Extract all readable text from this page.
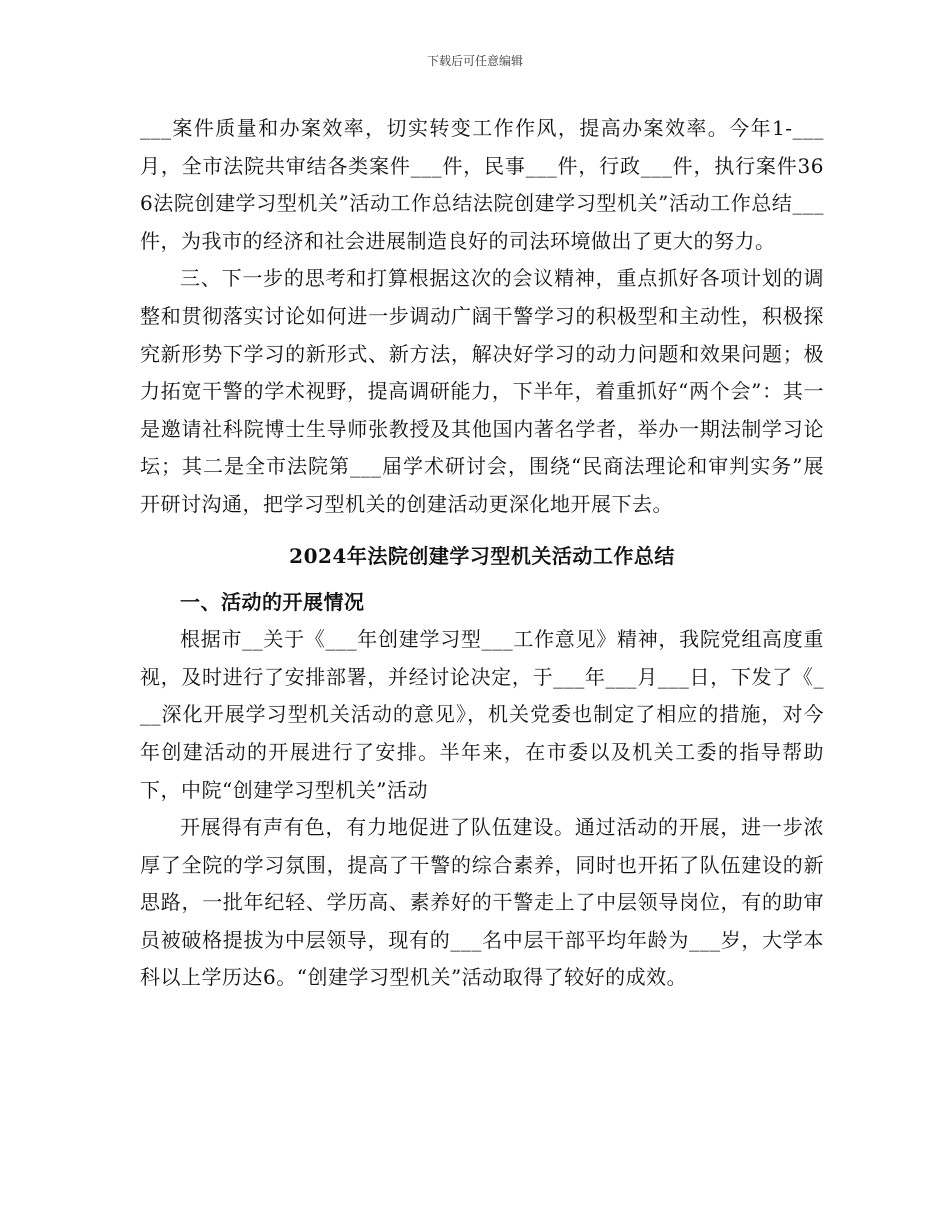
下载后可任意编辑

___案件质量和办案效率，切实转变工作作风，提高办案效率。今年1-___月，全市法院共审结各类案件___件，民事___件，行政___件，执行案件366法院创建学习型机关”活动工作总结法院创建学习型机关”活动工作总结___件，为我市的经济和社会进展制造良好的司法环境做出了更大的努力。

三、下一步的思考和打算根据这次的会议精神，重点抓好各项计划的调整和贯彻落实讨论如何进一步调动广阔干警学习的积极型和主动性，积极探究新形势下学习的新形式、新方法，解决好学习的动力问题和效果问题；极力拓宽干警的学术视野，提高调研能力，下半年，着重抓好“两个会”：其一是邀请社科院博士生导师张教授及其他国内著名学者，举办一期法制学习论坛；其二是全市法院第___届学术研讨会，围绕“民商法理论和审判实务”展开研讨沟通，把学习型机关的创建活动更深化地开展下去。

2024年法院创建学习型机关活动工作总结
一、活动的开展情况

根据市__关于《___年创建学习型___工作意见》精神，我院党组高度重视，及时进行了安排部署，并经讨论决定，于___年___月___日，下发了《___深化开展学习型机关活动的意见》，机关党委也制定了相应的措施，对今年创建活动的开展进行了安排。半年来，在市委以及机关工委的指导帮助下，中院“创建学习型机关”活动

开展得有声有色，有力地促进了队伍建设。通过活动的开展，进一步浓厚了全院的学习氛围，提高了干警的综合素养，同时也开拓了队伍建设的新思路，一批年纪轻、学历高、素养好的干警走上了中层领导岗位，有的助审员被破格提拔为中层领导，现有的___名中层干部平均年龄为___岁，大学本科以上学历达6。“创建学习型机关”活动取得了较好的成效。
